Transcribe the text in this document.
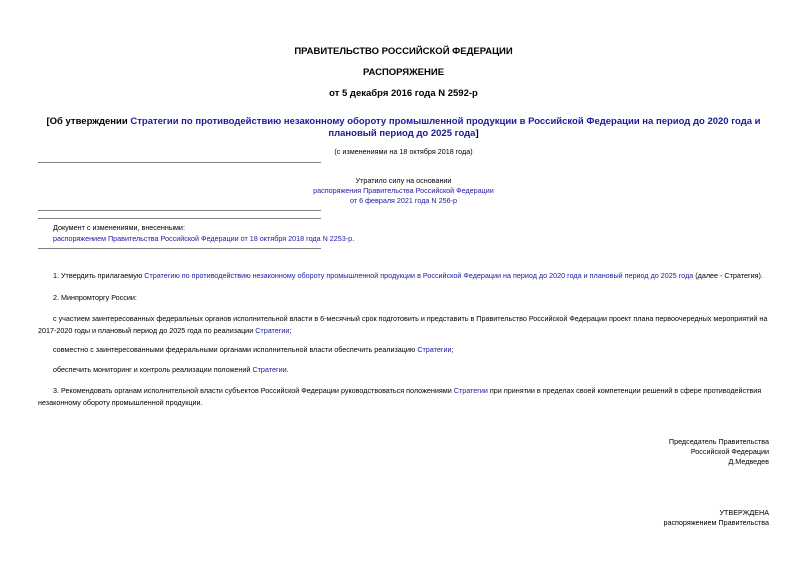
ПРАВИТЕЛЬСТВО РОССИЙСКОЙ ФЕДЕРАЦИИ
РАСПОРЯЖЕНИЕ
от 5 декабря 2016 года N 2592-р
[Об утверждении Стратегии по противодействию незаконному обороту промышленной продукции в Российской Федерации на период до 2020 года и плановый период до 2025 года]
(с изменениями на 18 октября 2018 года)
Утратило силу на основании
распоряжения Правительства Российской Федерации
от 6 февраля 2021 года N 256-р
Документ с изменениями, внесенными:
распоряжением Правительства Российской Федерации от 18 октября 2018 года N 2253-р.
1. Утвердить прилагаемую Стратегию по противодействию незаконному обороту промышленной продукции в Российской Федерации на период до 2020 года и плановый период до 2025 года (далее - Стратегия).
2. Минпромторгу России:
с участием заинтересованных федеральных органов исполнительной власти в 6-месячный срок подготовить и представить в Правительство Российской Федерации проект плана первоочередных мероприятий на 2017-2020 годы и плановый период до 2025 года по реализации Стратегии;
совместно с заинтересованными федеральными органами исполнительной власти обеспечить реализацию Стратегии;
обеспечить мониторинг и контроль реализации положений Стратегии.
3. Рекомендовать органам исполнительной власти субъектов Российской Федерации руководствоваться положениями Стратегии при принятии в пределах своей компетенции решений в сфере противодействия незаконному обороту промышленной продукции.
Председатель Правительства
Российской Федерации
Д.Медведев
УТВЕРЖДЕНА
распоряжением Правительства
